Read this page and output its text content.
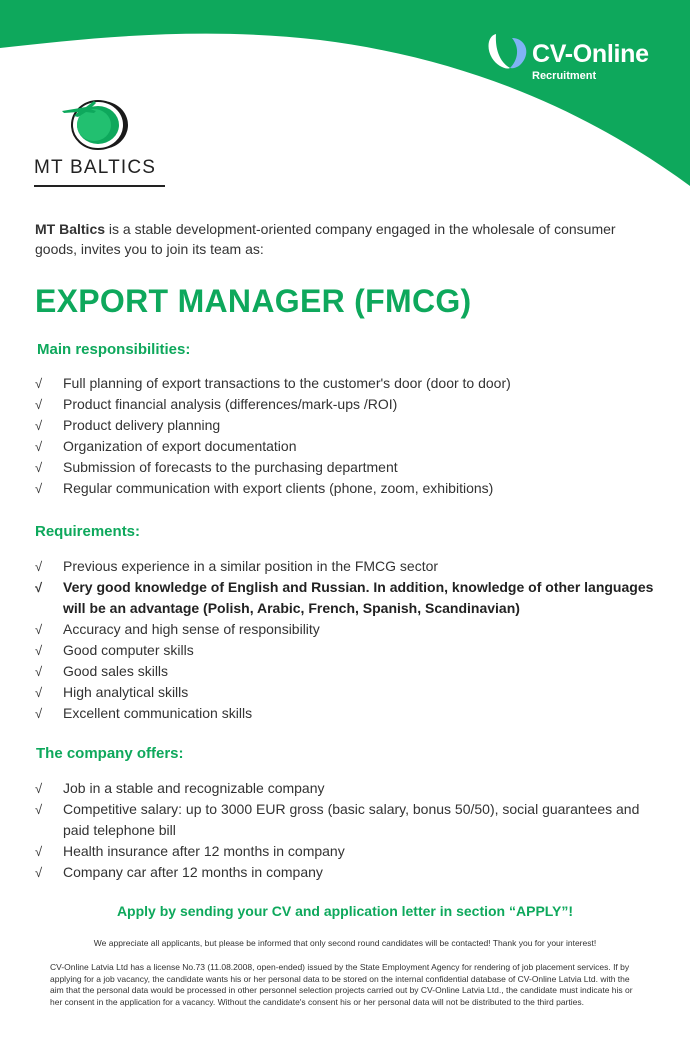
CV-Online
Recruitment
MT BALTICS
MT Baltics is a stable development-oriented company engaged in the wholesale of consumer goods, invites you to join its team as:
EXPORT MANAGER (FMCG)
Main responsibilities:
√	Full planning of export transactions to the customer's door (door to door)
√	Product financial analysis (differences/mark-ups /ROI)
√	Product delivery planning
√	Organization of export documentation
√	Submission of forecasts to the purchasing department
√	Regular communication with export clients (phone, zoom, exhibitions)
Requirements:
√	Previous experience in a similar position in the FMCG sector
√	Very good knowledge of English and Russian. In addition, knowledge of other languages will be an advantage (Polish, Arabic, French, Spanish, Scandinavian)
√	Accuracy and high sense of responsibility
√	Good computer skills
√	Good sales skills
√	High analytical skills
√	Excellent communication skills
The company offers:
√	Job in a stable and recognizable company
√	Competitive salary: up to 3000 EUR gross (basic salary, bonus 50/50), social guarantees and paid telephone bill
√	Health insurance after 12 months in company
√	Company car after 12 months in company
Apply by sending your CV and application letter in section “APPLY”!
We appreciate all applicants, but please be informed that only second round candidates will be contacted! Thank you for your interest!
CV-Online Latvia Ltd has a license No.73 (11.08.2008, open-ended) issued by the State Employment Agency for rendering of job placement services. If by applying for a job vacancy, the candidate wants his or her personal data to be stored on the internal confidential database of CV-Online Latvia Ltd. with the aim that the personal data would be processed in other personnel selection projects carried out by CV-Online Latvia Ltd., the candidate must indicate his or her consent in the application for a vacancy. Without the candidate's consent his or her personal data will not be distributed to the third parties.
